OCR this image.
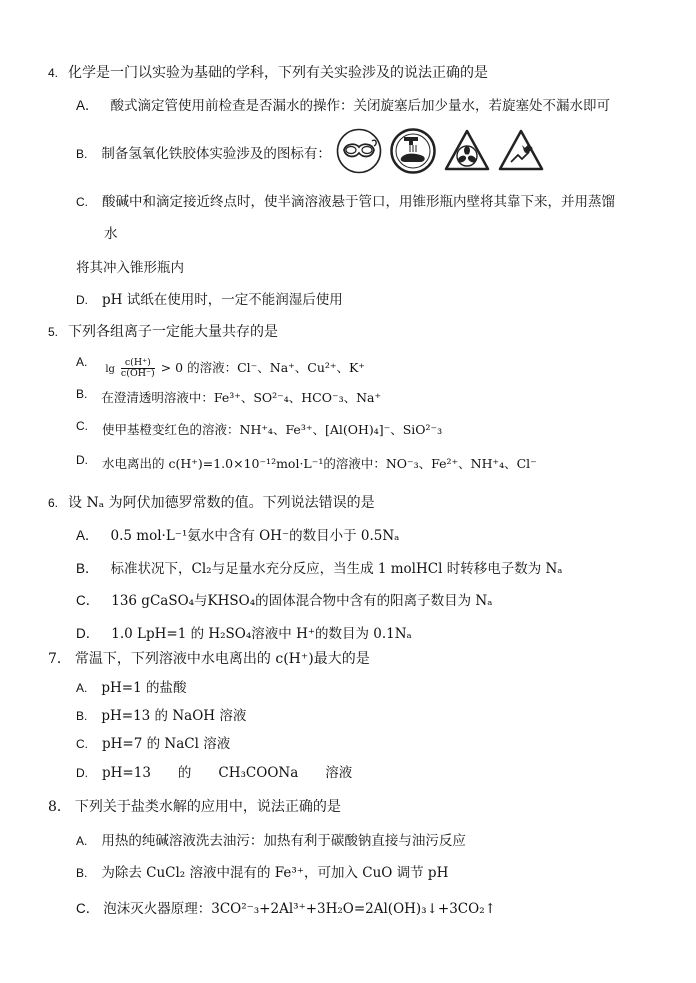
4. 化学是一门以实验为基础的学科，下列有关实验涉及的说法正确的是
A． 酸式滴定管使用前检查是否漏水的操作：关闭旋塞后加少量水，若旋塞处不漏水即可
B. 制备氢氧化铁胶体实验涉及的图标有：
C. 酸碱中和滴定接近终点时，使半滴溶液悬于管口，用锥形瓶内壁将其靠下来，并用蒸馏
水
将其冲入锥形瓶内
D. pH 试纸在使用时，一定不能润湿后使用
5. 下列各组离子一定能大量共存的是
A. $\lg \frac{c(H^+)}{c(OH^-)} > 0$ 的溶液：Cl⁻、Na⁺、Cu²⁺、K⁺
B. 在澄清透明溶液中：Fe³⁺、SO²⁻₄、HCO⁻₃、Na⁺
C. 使甲基橙变红色的溶液：NH⁺₄、Fe³⁺、[Al(OH)₄]⁻、SiO²⁻₃
D. 水电离出的 c(H⁺)=1.0×10⁻¹²mol·L⁻¹的溶液中：NO⁻₃、Fe²⁺、NH⁺₄、Cl⁻
6. 设 Nₐ 为阿伏加德罗常数的值。下列说法错误的是
A． 0.5 mol·L⁻¹氨水中含有 OH⁻的数目小于 0.5Nₐ
B． 标准状况下，Cl₂与足量水充分反应，当生成 1 molHCl 时转移电子数为 Nₐ
C． 136 gCaSO₄与KHSO₄的固体混合物中含有的阳离子数目为 Nₐ
D． 1.0 LpH=1 的 H₂SO₄溶液中 H⁺的数目为 0.1Nₐ
7． 常温下，下列溶液中水电离出的 c(H⁺)最大的是
A. pH=1 的盐酸
B. pH=13 的 NaOH 溶液
C. pH=7 的 NaCl 溶液
D. pH=13　　的　　CH₃COONa　　溶液
8． 下列关于盐类水解的应用中，说法正确的是
A. 用热的纯碱溶液洗去油污：加热有利于碳酸钠直接与油污反应
B. 为除去 CuCl₂ 溶液中混有的 Fe³⁺，可加入 CuO 调节 pH
C． 泡沫灭火器原理：3CO²⁻₃+2Al³⁺+3H₂O=2Al(OH)₃↓+3CO₂↑
